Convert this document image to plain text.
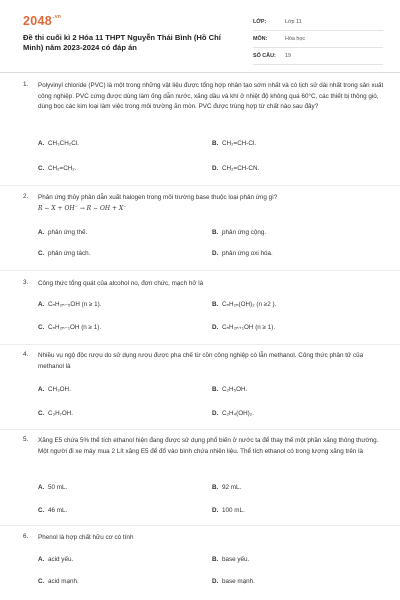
$2048^{.vn}$
Đề thi cuối kì 2 Hóa 11 THPT Nguyễn Thái Bình (Hồ Chí Minh) năm 2023-2024 có đáp án
LỚP:	Lớp 11
MÔN:	Hóa học
SỐ CÂU: 19
1. Polyvinyl chloride (PVC) là một trong những vật liệu được tổng hợp nhân tạo sớm nhất và có lịch sử dài nhất trong sản xuất công nghiệp. PVC cứng được dùng làm ống dẫn nước, xăng dầu và khí ở nhiệt độ không quá 60°C, các thiết bị thông gió, dùng bọc các kim loại làm việc trong môi trường ăn mòn. PVC được trùng hợp từ chất nào sau đây?
A. CH₃CH₂Cl.	B. CH₂=CH-Cl.
C. CH₂=CH₂.	D. CH₂=CH-CN.
2. Phản ứng thủy phân dẫn xuất halogen trong môi trường base thuộc loại phản ứng gì?
R − X + OH⁻ → R − OH + X⁻
A. phản ứng thế.	B. phản ứng cộng.
C. phản ứng tách.	D. phản ứng oxi hóa.
3. Công thức tổng quát của alcohol no, đơn chức, mạch hở là
A. CₙH₂ₙ₋₅OH (n ≥ 1).	B. CₙH₂ₙ(OH)₂ (n ≥2 ).
C. CₙH₂ₙ₋₁OH (n ≥ 1).	D. CₙH₂ₙ₊₁OH (n ≥ 1).
4. Nhiều vụ ngộ độc rượu do sử dụng rượu được pha chế từ cồn công nghiệp có lẫn methanol. Công thức phân tử của methanol là
A. CH₃OH.	B. C₂H₅OH.
C. C₃H₇OH.	D. C₂H₄(OH)₂.
5. Xăng E5 chứa 5% thể tích ethanol hiện đang được sử dụng phổ biến ở nước ta để thay thế một phần xăng thông thường. Một người đi xe máy mua 2 Lít xăng E5 để đổ vào bình chứa nhiên liệu. Thể tích ethanol có trong lượng xăng trên là
A. 50 mL.	B. 92 mL.
C. 46 mL.	D. 100 mL.
6. Phenol là hợp chất hữu cơ có tính
A. acid yếu.	B. base yếu.
C. acid mạnh.	D. base mạnh.
